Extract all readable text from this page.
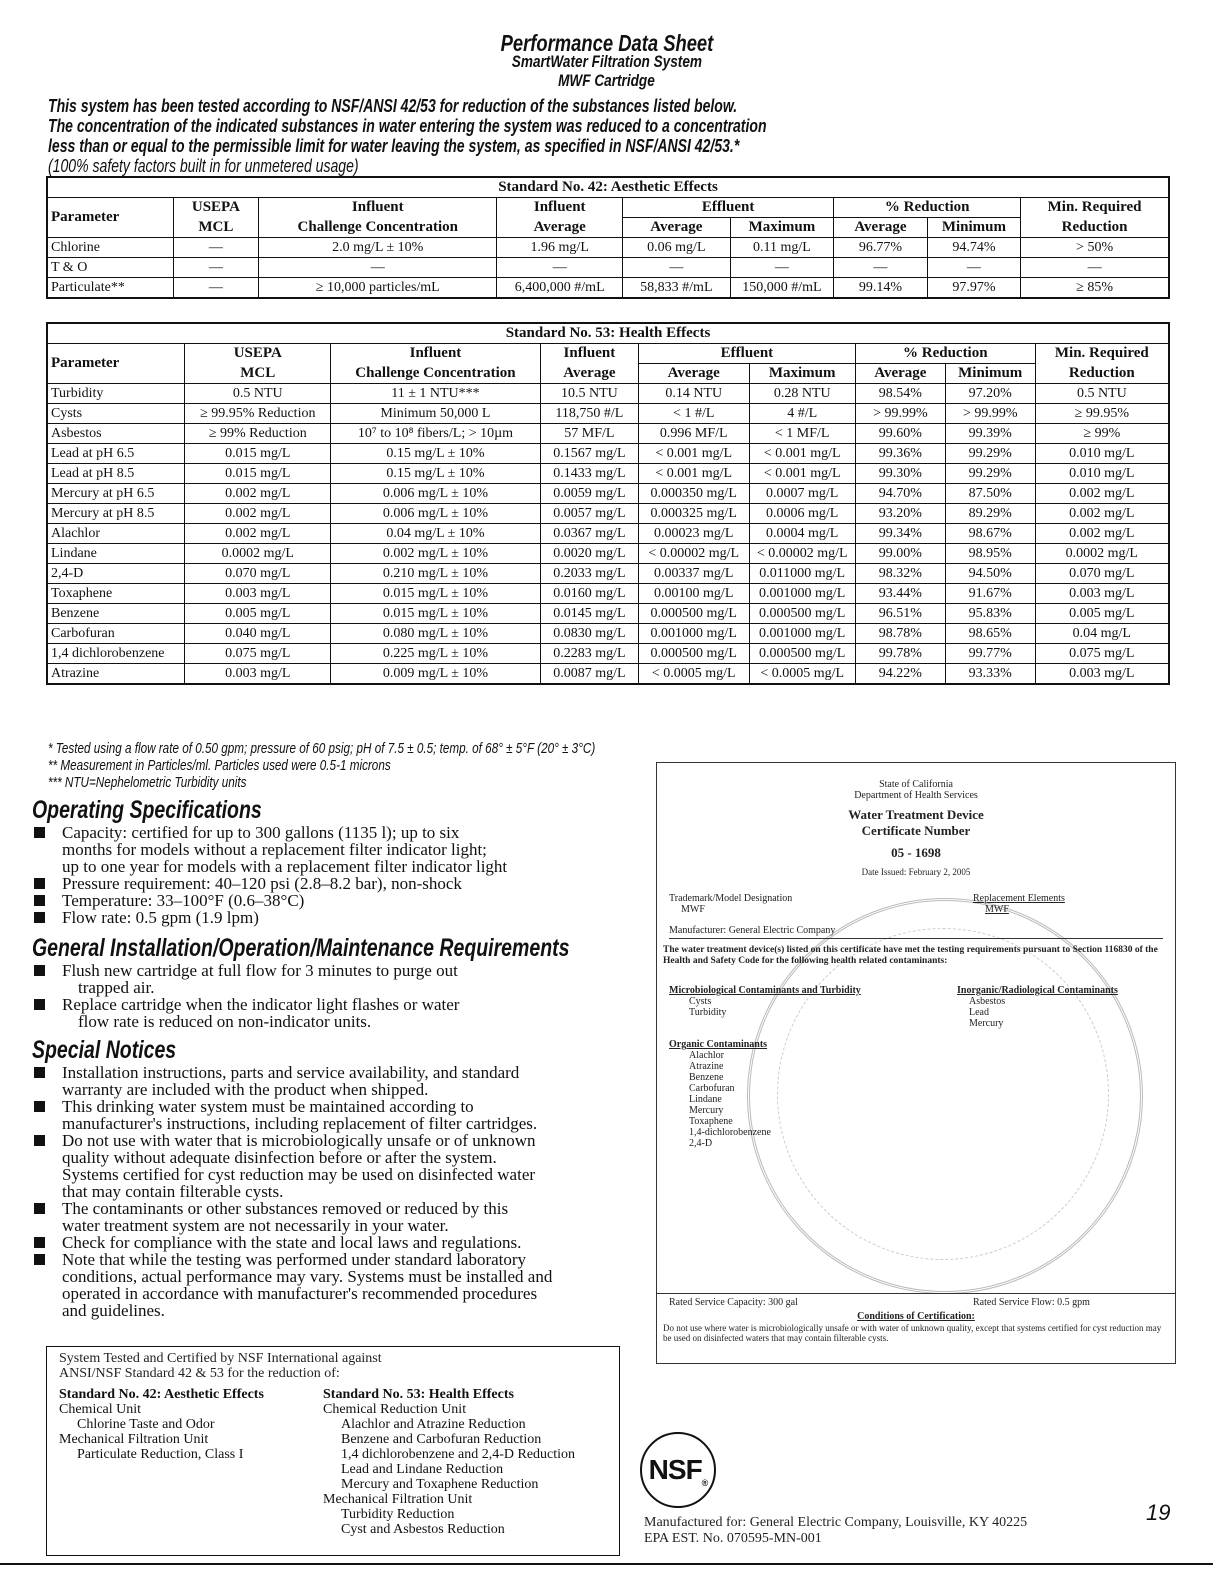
Performance Data Sheet
SmartWater Filtration System
MWF Cartridge
This system has been tested according to NSF/ANSI 42/53 for reduction of the substances listed below.
The concentration of the indicated substances in water entering the system was reduced to a concentration
less than or equal to the permissible limit for water leaving the system, as specified in NSF/ANSI 42/53.*
(100% safety factors built in for unmetered usage)
Standard No. 42: Aesthetic Effects								
Parameter	USEPA	Influent	Influent	Effluent		% Reduction		Min. Required
	MCL	Challenge Concentration	Average	Average	Maximum	Average	Minimum	Reduction
Chlorine	—	2.0 mg/L ± 10%	1.96 mg/L	0.06 mg/L	0.11 mg/L	96.77%	94.74%	> 50%
T & O	—	—	—	—	—	—	—	—
Particulate**	—	≥ 10,000 particles/mL	6,400,000 #/mL	58,833 #/mL	150,000 #/mL	99.14%	97.97%	≥ 85%
Standard No. 53: Health Effects								
Parameter	USEPA	Influent	Influent	Effluent		% Reduction		Min. Required
	MCL	Challenge Concentration	Average	Average	Maximum	Average	Minimum	Reduction
Turbidity	0.5 NTU	11 ± 1 NTU***	10.5 NTU	0.14 NTU	0.28 NTU	98.54%	97.20%	0.5 NTU
Cysts	≥ 99.95% Reduction	Minimum 50,000 L	118,750 #/L	< 1 #/L	4 #/L	> 99.99%	> 99.99%	≥ 99.95%
Asbestos	≥ 99% Reduction	10⁷ to 10⁸ fibers/L; > 10µm	57 MF/L	0.996 MF/L	< 1 MF/L	99.60%	99.39%	≥ 99%
Lead at pH 6.5	0.015 mg/L	0.15 mg/L ± 10%	0.1567 mg/L	< 0.001 mg/L	< 0.001 mg/L	99.36%	99.29%	0.010 mg/L
Lead at pH 8.5	0.015 mg/L	0.15 mg/L ± 10%	0.1433 mg/L	< 0.001 mg/L	< 0.001 mg/L	99.30%	99.29%	0.010 mg/L
Mercury at pH 6.5	0.002 mg/L	0.006 mg/L ± 10%	0.0059 mg/L	0.000350 mg/L	0.0007 mg/L	94.70%	87.50%	0.002 mg/L
Mercury at pH 8.5	0.002 mg/L	0.006 mg/L ± 10%	0.0057 mg/L	0.000325 mg/L	0.0006 mg/L	93.20%	89.29%	0.002 mg/L
Alachlor	0.002 mg/L	0.04 mg/L ± 10%	0.0367 mg/L	0.00023 mg/L	0.0004 mg/L	99.34%	98.67%	0.002 mg/L
Lindane	0.0002 mg/L	0.002 mg/L ± 10%	0.0020 mg/L	< 0.00002 mg/L	< 0.00002 mg/L	99.00%	98.95%	0.0002 mg/L
2,4-D	0.070 mg/L	0.210 mg/L ± 10%	0.2033 mg/L	0.00337 mg/L	0.011000 mg/L	98.32%	94.50%	0.070 mg/L
Toxaphene	0.003 mg/L	0.015 mg/L ± 10%	0.0160 mg/L	0.00100 mg/L	0.001000 mg/L	93.44%	91.67%	0.003 mg/L
Benzene	0.005 mg/L	0.015 mg/L ± 10%	0.0145 mg/L	0.000500 mg/L	0.000500 mg/L	96.51%	95.83%	0.005 mg/L
Carbofuran	0.040 mg/L	0.080 mg/L ± 10%	0.0830 mg/L	0.001000 mg/L	0.001000 mg/L	98.78%	98.65%	0.04 mg/L
1,4 dichlorobenzene	0.075 mg/L	0.225 mg/L ± 10%	0.2283 mg/L	0.000500 mg/L	0.000500 mg/L	99.78%	99.77%	0.075 mg/L
Atrazine	0.003 mg/L	0.009 mg/L ± 10%	0.0087 mg/L	< 0.0005 mg/L	< 0.0005 mg/L	94.22%	93.33%	0.003 mg/L
* Tested using a flow rate of 0.50 gpm; pressure of 60 psig; pH of 7.5 ± 0.5; temp. of 68° ± 5°F (20° ± 3°C)
** Measurement in Particles/ml. Particles used were 0.5-1 microns
*** NTU=Nephelometric Turbidity units
Operating Specifications
Capacity: certified for up to 300 gallons (1135 l); up to six
months for models without a replacement filter indicator light;
up to one year for models with a replacement filter indicator light
Pressure requirement: 40–120 psi (2.8–8.2 bar), non-shock
Temperature: 33–100°F (0.6–38°C)
Flow rate: 0.5 gpm (1.9 lpm)
General Installation/Operation/Maintenance Requirements
Flush new cartridge at full flow for 3 minutes to purge out
trapped air.
Replace cartridge when the indicator light flashes or water
flow rate is reduced on non-indicator units.
Special Notices
Installation instructions, parts and service availability, and standard
warranty are included with the product when shipped.
This drinking water system must be maintained according to
manufacturer's instructions, including replacement of filter cartridges.
Do not use with water that is microbiologically unsafe or of unknown
quality without adequate disinfection before or after the system.
Systems certified for cyst reduction may be used on disinfected water
that may contain filterable cysts.
The contaminants or other substances removed or reduced by this
water treatment system are not necessarily in your water.
Check for compliance with the state and local laws and regulations.
Note that while the testing was performed under standard laboratory
conditions, actual performance may vary. Systems must be installed and
operated in accordance with manufacturer's recommended procedures
and guidelines.
System Tested and Certified by NSF International against
ANSI/NSF Standard 42 & 53 for the reduction of:
Standard No. 42: Aesthetic Effects
Chemical Unit
Chlorine Taste and Odor
Mechanical Filtration Unit
Particulate Reduction, Class I
Standard No. 53: Health Effects
Chemical Reduction Unit
Alachlor and Atrazine Reduction
Benzene and Carbofuran Reduction
1,4 dichlorobenzene and 2,4-D Reduction
Lead and Lindane Reduction
Mercury and Toxaphene Reduction
Mechanical Filtration Unit
Turbidity Reduction
Cyst and Asbestos Reduction
State of California
Department of Health Services
Water Treatment Device
Certificate Number
05 - 1698
Date Issued: February 2, 2005
Trademark/Model Designation
MWF
Replacement Elements
MWF
Manufacturer: General Electric Company
The water treatment device(s) listed on this certificate have met the testing requirements pursuant to Section 116830 of the Health and Safety Code for the following health related contaminants:
Microbiological Contaminants and Turbidity
Cysts
Turbidity
Inorganic/Radiological Contaminants
Asbestos
Lead
Mercury
Organic Contaminants
Alachlor
Atrazine
Benzene
Carbofuran
Lindane
Mercury
Toxaphene
1,4-dichlorobenzene
2,4-D
Rated Service Capacity: 300 gal	Rated Service Flow: 0.5 gpm
Conditions of Certification:
Do not use where water is microbiologically unsafe or with water of unknown quality, except that systems certified for cyst reduction may be used on disinfected waters that may contain filterable cysts.
NSF ®
Manufactured for: General Electric Company, Louisville, KY 40225
EPA EST. No. 070595-MN-001
19
